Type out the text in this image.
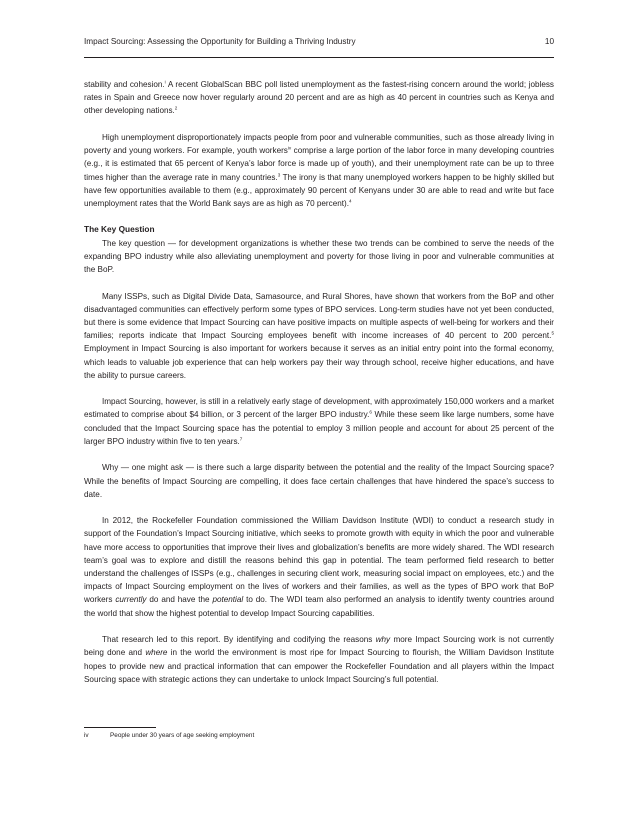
Impact Sourcing: Assessing the Opportunity for Building a Thriving Industry	10

stability and cohesion.$^i$ A recent GlobalScan BBC poll listed unemployment as the fastest-rising concern around the world; jobless rates in Spain and Greece now hover regularly around 20 percent and are as high as 40 percent in countries such as Kenya and other developing nations.$^2$

High unemployment disproportionately impacts people from poor and vulnerable communities, such as those already living in poverty and young workers. For example, youth workers$^{iv}$ comprise a large portion of the labor force in many developing countries (e.g., it is estimated that 65 percent of Kenya’s labor force is made up of youth), and their unemployment rate can be up to three times higher than the average rate in many countries.$^3$ The irony is that many unemployed workers happen to be highly skilled but have few opportunities available to them (e.g., approximately 90 percent of Kenyans under 30 are able to read and write but face unemployment rates that the World Bank says are as high as 70 percent).$^4$

The Key Question

The key question — for development organizations is whether these two trends can be combined to serve the needs of the expanding BPO industry while also alleviating unemployment and poverty for those living in poor and vulnerable communities at the BoP.

Many ISSPs, such as Digital Divide Data, Samasource, and Rural Shores, have shown that workers from the BoP and other disadvantaged communities can effectively perform some types of BPO services. Long-term studies have not yet been conducted, but there is some evidence that Impact Sourcing can have positive impacts on multiple aspects of well-being for workers and their families; reports indicate that Impact Sourcing employees benefit with income increases of 40 percent to 200 percent.$^5$ Employment in Impact Sourcing is also important for workers because it serves as an initial entry point into the formal economy, which leads to valuable job experience that can help workers pay their way through school, receive higher educations, and have the ability to pursue careers.

Impact Sourcing, however, is still in a relatively early stage of development, with approximately 150,000 workers and a market estimated to comprise about $4 billion, or 3 percent of the larger BPO industry.$^6$ While these seem like large numbers, some have concluded that the Impact Sourcing space has the potential to employ 3 million people and account for about 25 percent of the larger BPO industry within five to ten years.$^7$

Why — one might ask — is there such a large disparity between the potential and the reality of the Impact Sourcing space? While the benefits of Impact Sourcing are compelling, it does face certain challenges that have hindered the space’s success to date.

In 2012, the Rockefeller Foundation commissioned the William Davidson Institute (WDI) to conduct a research study in support of the Foundation’s Impact Sourcing initiative, which seeks to promote growth with equity in which the poor and vulnerable have more access to opportunities that improve their lives and globalization’s benefits are more widely shared. The WDI research team’s goal was to explore and distill the reasons behind this gap in potential. The team performed field research to better understand the challenges of ISSPs (e.g., challenges in securing client work, measuring social impact on employees, etc.) and the impacts of Impact Sourcing employment on the lives of workers and their families, as well as the types of BPO work that BoP workers currently do and have the potential to do. The WDI team also performed an analysis to identify twenty countries around the world that show the highest potential to develop Impact Sourcing capabilities.

That research led to this report. By identifying and codifying the reasons why more Impact Sourcing work is not currently being done and where in the world the environment is most ripe for Impact Sourcing to flourish, the William Davidson Institute hopes to provide new and practical information that can empower the Rockefeller Foundation and all players within the Impact Sourcing space with strategic actions they can undertake to unlock Impact Sourcing’s full potential.

iv	People under 30 years of age seeking employment
